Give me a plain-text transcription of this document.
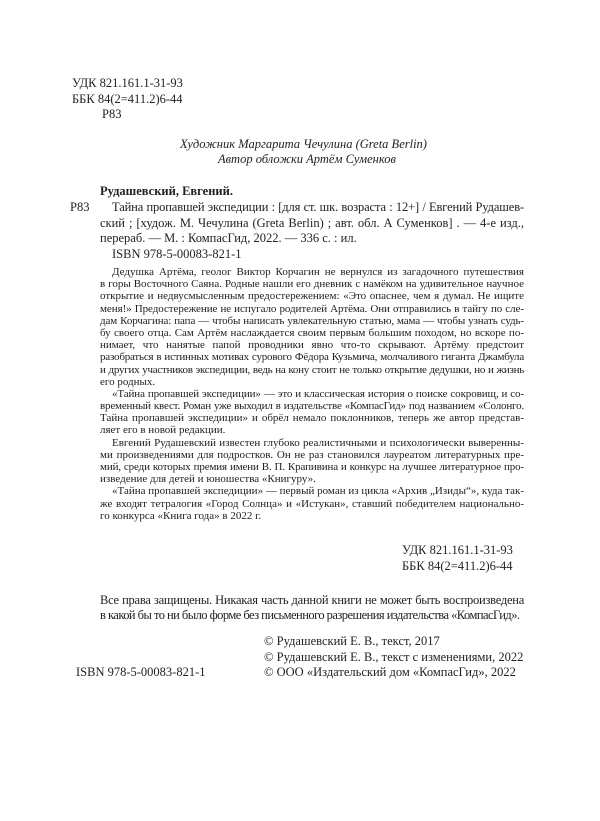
УДК 821.161.1-31-93
ББК 84(2=411.2)6-44
Р83
Художник Маргарита Чечулина (Greta Berlin)
Автор обложки Артём Суменков
Рудашевский, Евгений.
Р83	Тайна пропавшей экспедиции : [для ст. шк. возраста : 12+] / Евгений Рудашев-
ский ; [худож. М. Чечулина (Greta Berlin) ; авт. обл. А Суменков] . — 4-е изд.,
перераб. — М. : КомпасГид, 2022. — 336 с. : ил.
ISBN 978-5-00083-821-1
Дедушка Артёма, геолог Виктор Корчагин не вернулся из загадочного путешествия
в горы Восточного Саяна. Родные нашли его дневник с намёком на удивительное научное
открытие и недвусмысленным предостережением: «Это опаснее, чем я думал. Не ищите
меня!» Предостережение не испугало родителей Артёма. Они отправились в тайгу по сле-
дам Корчагина: папа — чтобы написать увлекательную статью, мама — чтобы узнать судь-
бу своего отца. Сам Артём наслаждается своим первым большим походом, но вскоре по-
нимает, что нанятые папой проводники явно что-то скрывают. Артёму предстоит
разобраться в истинных мотивах сурового Фёдора Кузьмича, молчаливого гиганта Джамбула
и других участников экспедиции, ведь на кону стоит не только открытие дедушки, но и жизнь
его родных.
«Тайна пропавшей экспедиции» — это и классическая история о поиске сокровищ, и со-
временный квест. Роман уже выходил в издательстве «КомпасГид» под названием «Солонго.
Тайна пропавшей экспедиции» и обрёл немало поклонников, теперь же автор представ-
ляет его в новой редакции.
Евгений Рудашевский известен глубоко реалистичными и психологически выверенны-
ми произведениями для подростков. Он не раз становился лауреатом литературных пре-
мий, среди которых премия имени В. П. Крапивина и конкурс на лучшее литературное про-
изведение для детей и юношества «Книгуру».
«Тайна пропавшей экспедиции» — первый роман из цикла «Архив „Изиды“», куда так-
же входят тетралогия «Город Солнца» и «Истукан», ставший победителем национально-
го конкурса «Книга года» в 2022 г.
УДК 821.161.1-31-93
ББК 84(2=411.2)6-44
Все права защищены. Никакая часть данной книги не может быть воспроизведена
в какой бы то ни было форме без письменного разрешения издательства «КомпасГид».
© Рудашевский Е. В., текст, 2017
© Рудашевский Е. В., текст с изменениями, 2022
ISBN 978-5-00083-821-1	© ООО «Издательский дом «КомпасГид», 2022
